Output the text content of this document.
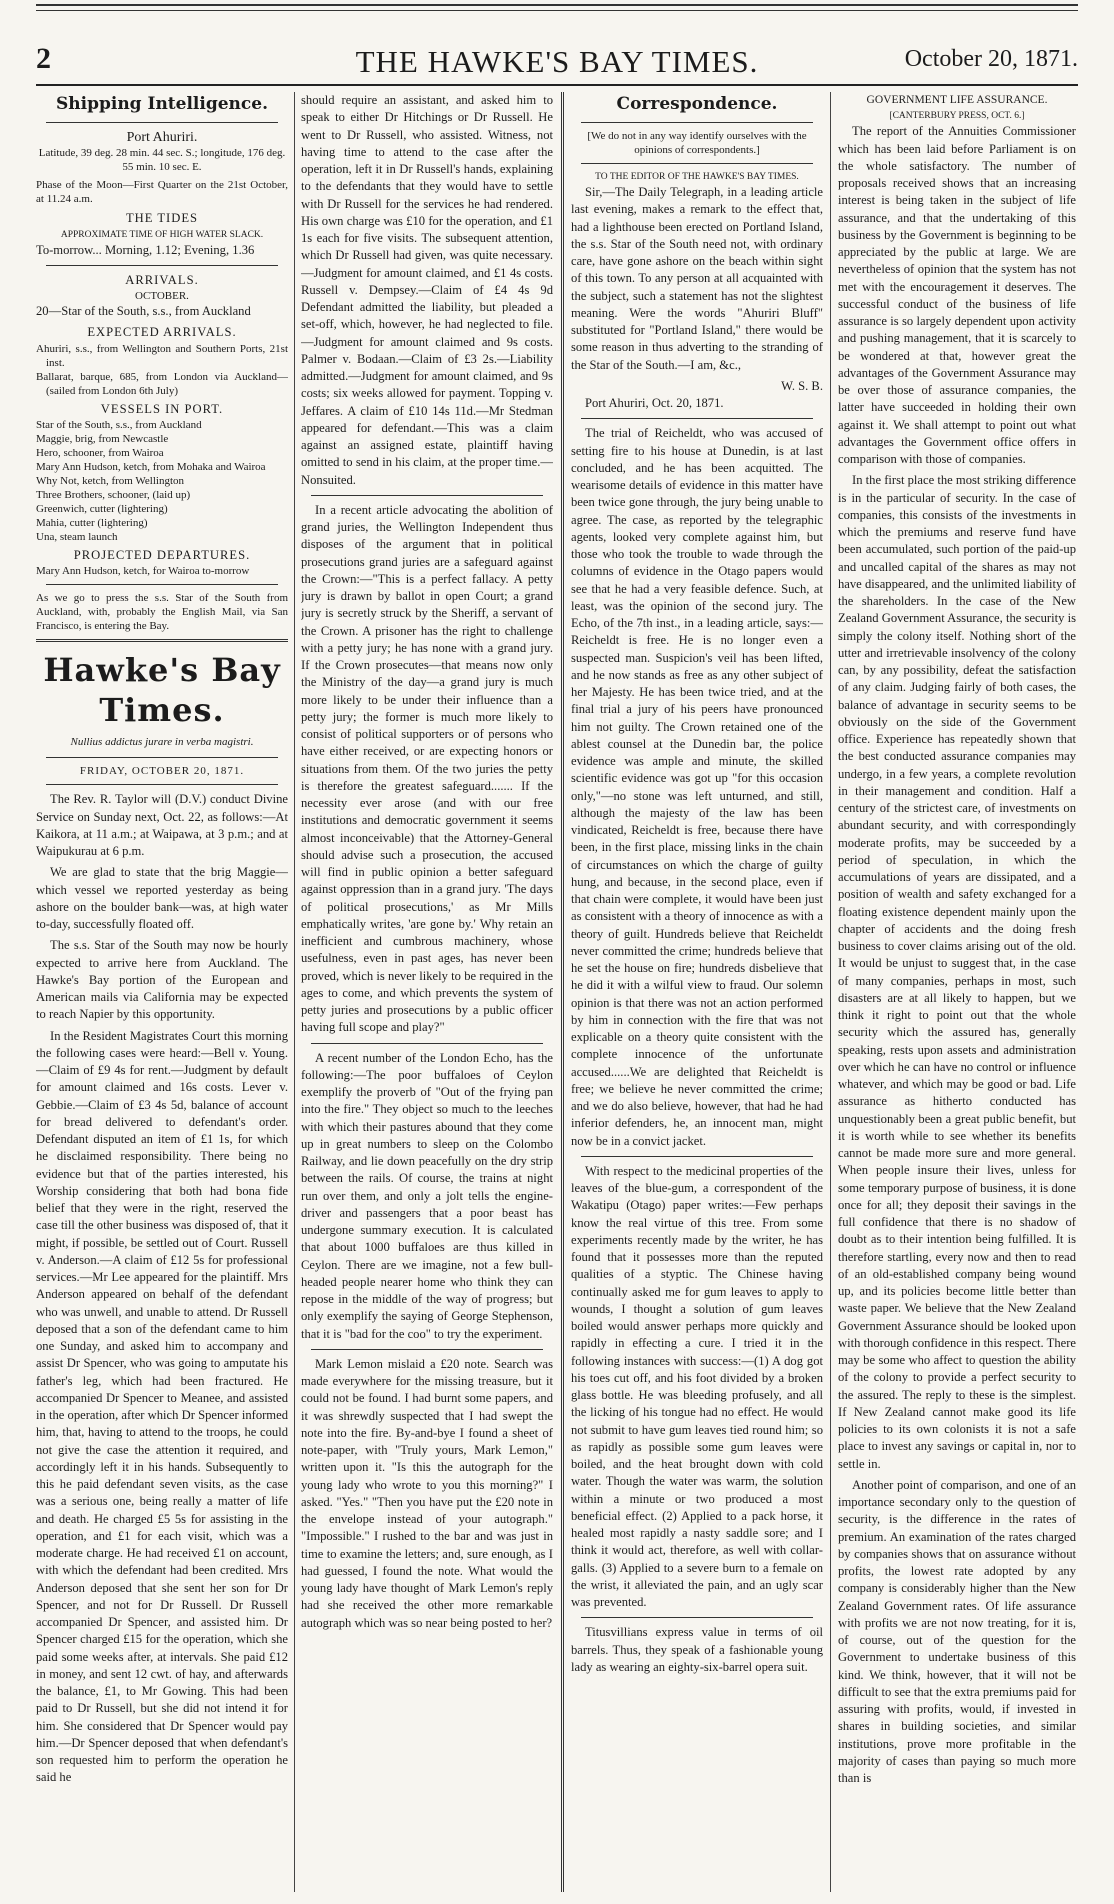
2	THE HAWKE'S BAY TIMES.	October 20, 1871.
Shipping Intelligence.
Port Ahuriri.

Latitude, 39 deg. 28 min. 44 sec. S.; longitude, 176 deg. 55 min. 10 sec. E.

Phase of the Moon—First Quarter on the 21st October, at 11.24 a.m.

THE TIDES
APPROXIMATE TIME OF HIGH WATER SLACK.

To-morrow... Morning, 1.12; Evening, 1.36

ARRIVALS.
OCTOBER.

20—Star of the South, s.s., from Auckland

EXPECTED ARRIVALS.
Ahuriri, s.s., from Wellington and Southern Ports, 21st inst.
Ballarat, barque, 685, from London via Auckland—(sailed from London 6th July)
VESSELS IN PORT.
Star of the South, s.s., from Auckland
Maggie, brig, from Newcastle
Hero, schooner, from Wairoa
Mary Ann Hudson, ketch, from Mohaka and Wairoa
Why Not, ketch, from Wellington
Three Brothers, schooner, (laid up)
Greenwich, cutter (lightering)
Mahia, cutter (lightering)
Una, steam launch
PROJECTED DEPARTURES.

Mary Ann Hudson, ketch, for Wairoa to-morrow

As we go to press the s.s. Star of the South from Auckland, with, probably the English Mail, via San Francisco, is entering the Bay.

Hawke's Bay Times.
Nullius addictus jurare in verba magistri.
FRIDAY, OCTOBER 20, 1871.

The Rev. R. Taylor will (D.V.) conduct Divine Service on Sunday next, Oct. 22, as follows:—At Kaikora, at 11 a.m.; at Waipawa, at 3 p.m.; and at Waipukurau at 6 p.m.

We are glad to state that the brig Maggie—which vessel we reported yesterday as being ashore on the boulder bank—was, at high water to-day, successfully floated off.

The s.s. Star of the South may now be hourly expected to arrive here from Auckland. The Hawke's Bay portion of the European and American mails via California may be expected to reach Napier by this opportunity.

In the Resident Magistrates Court this morning the following cases were heard:—Bell v. Young.—Claim of £9 4s for rent.—Judgment by default for amount claimed and 16s costs. Lever v. Gebbie.—Claim of £3 4s 5d, balance of account for bread delivered to defendant's order. Defendant disputed an item of £1 1s, for which he disclaimed responsibility. There being no evidence but that of the parties interested, his Worship considering that both had bona fide belief that they were in the right, reserved the case till the other business was disposed of, that it might, if possible, be settled out of Court. Russell v. Anderson.—A claim of £12 5s for professional services.—Mr Lee appeared for the plaintiff. Mrs Anderson appeared on behalf of the defendant who was unwell, and unable to attend. Dr Russell deposed that a son of the defendant came to him one Sunday, and asked him to accompany and assist Dr Spencer, who was going to amputate his father's leg, which had been fractured. He accompanied Dr Spencer to Meanee, and assisted in the operation, after which Dr Spencer informed him, that, having to attend to the troops, he could not give the case the attention it required, and accordingly left it in his hands. Subsequently to this he paid defendant seven visits, as the case was a serious one, being really a matter of life and death. He charged £5 5s for assisting in the operation, and £1 for each visit, which was a moderate charge. He had received £1 on account, with which the defendant had been credited. Mrs Anderson deposed that she sent her son for Dr Spencer, and not for Dr Russell. Dr Russell accompanied Dr Spencer, and assisted him. Dr Spencer charged £15 for the operation, which she paid some weeks after, at intervals. She paid £12 in money, and sent 12 cwt. of hay, and afterwards the balance, £1, to Mr Gowing. This had been paid to Dr Russell, but she did not intend it for him. She considered that Dr Spencer would pay him.—Dr Spencer deposed that when defendant's son requested him to perform the operation he said he

should require an assistant, and asked him to speak to either Dr Hitchings or Dr Russell. He went to Dr Russell, who assisted. Witness, not having time to attend to the case after the operation, left it in Dr Russell's hands, explaining to the defendants that they would have to settle with Dr Russell for the services he had rendered. His own charge was £10 for the operation, and £1 1s each for five visits. The subsequent attention, which Dr Russell had given, was quite necessary.—Judgment for amount claimed, and £1 4s costs. Russell v. Dempsey.—Claim of £4 4s 9d Defendant admitted the liability, but pleaded a set-off, which, however, he had neglected to file.—Judgment for amount claimed and 9s costs. Palmer v. Bodaan.—Claim of £3 2s.—Liability admitted.—Judgment for amount claimed, and 9s costs; six weeks allowed for payment. Topping v. Jeffares. A claim of £10 14s 11d.—Mr Stedman appeared for defendant.—This was a claim against an assigned estate, plaintiff having omitted to send in his claim, at the proper time.—Nonsuited.

In a recent article advocating the abolition of grand juries, the Wellington Independent thus disposes of the argument that in political prosecutions grand juries are a safeguard against the Crown:—"This is a perfect fallacy. A petty jury is drawn by ballot in open Court; a grand jury is secretly struck by the Sheriff, a servant of the Crown. A prisoner has the right to challenge with a petty jury; he has none with a grand jury. If the Crown prosecutes—that means now only the Ministry of the day—a grand jury is much more likely to be under their influence than a petty jury; the former is much more likely to consist of political supporters or of persons who have either received, or are expecting honors or situations from them. Of the two juries the petty is therefore the greatest safeguard....... If the necessity ever arose (and with our free institutions and democratic government it seems almost inconceivable) that the Attorney-General should advise such a prosecution, the accused will find in public opinion a better safeguard against oppression than in a grand jury. 'The days of political prosecutions,' as Mr Mills emphatically writes, 'are gone by.' Why retain an inefficient and cumbrous machinery, whose usefulness, even in past ages, has never been proved, which is never likely to be required in the ages to come, and which prevents the system of petty juries and prosecutions by a public officer having full scope and play?"

A recent number of the London Echo, has the following:—The poor buffaloes of Ceylon exemplify the proverb of "Out of the frying pan into the fire." They object so much to the leeches with which their pastures abound that they come up in great numbers to sleep on the Colombo Railway, and lie down peacefully on the dry strip between the rails. Of course, the trains at night run over them, and only a jolt tells the engine-driver and passengers that a poor beast has undergone summary execution. It is calculated that about 1000 buffaloes are thus killed in Ceylon. There are we imagine, not a few bull-headed people nearer home who think they can repose in the middle of the way of progress; but only exemplify the saying of George Stephenson, that it is "bad for the coo" to try the experiment.

Mark Lemon mislaid a £20 note. Search was made everywhere for the missing treasure, but it could not be found. I had burnt some papers, and it was shrewdly suspected that I had swept the note into the fire. By-and-bye I found a sheet of note-paper, with "Truly yours, Mark Lemon," written upon it. "Is this the autograph for the young lady who wrote to you this morning?" I asked. "Yes." "Then you have put the £20 note in the envelope instead of your autograph." "Impossible." I rushed to the bar and was just in time to examine the letters; and, sure enough, as I had guessed, I found the note. What would the young lady have thought of Mark Lemon's reply had she received the other more remarkable autograph which was so near being posted to her?

Correspondence.

[We do not in any way identify ourselves with the opinions of correspondents.]

TO THE EDITOR OF THE HAWKE'S BAY TIMES.

Sir,—The Daily Telegraph, in a leading article last evening, makes a remark to the effect that, had a lighthouse been erected on Portland Island, the s.s. Star of the South need not, with ordinary care, have gone ashore on the beach within sight of this town. To any person at all acquainted with the subject, such a statement has not the slightest meaning. Were the words "Ahuriri Bluff" substituted for "Portland Island," there would be some reason in thus adverting to the stranding of the Star of the South.—I am, &c.,

W. S. B.

Port Ahuriri, Oct. 20, 1871.

The trial of Reicheldt, who was accused of setting fire to his house at Dunedin, is at last concluded, and he has been acquitted. The wearisome details of evidence in this matter have been twice gone through, the jury being unable to agree. The case, as reported by the telegraphic agents, looked very complete against him, but those who took the trouble to wade through the columns of evidence in the Otago papers would see that he had a very feasible defence. Such, at least, was the opinion of the second jury. The Echo, of the 7th inst., in a leading article, says:—Reicheldt is free. He is no longer even a suspected man. Suspicion's veil has been lifted, and he now stands as free as any other subject of her Majesty. He has been twice tried, and at the final trial a jury of his peers have pronounced him not guilty. The Crown retained one of the ablest counsel at the Dunedin bar, the police evidence was ample and minute, the skilled scientific evidence was got up "for this occasion only,"—no stone was left unturned, and still, although the majesty of the law has been vindicated, Reicheldt is free, because there have been, in the first place, missing links in the chain of circumstances on which the charge of guilty hung, and because, in the second place, even if that chain were complete, it would have been just as consistent with a theory of innocence as with a theory of guilt. Hundreds believe that Reicheldt never committed the crime; hundreds believe that he set the house on fire; hundreds disbelieve that he did it with a wilful view to fraud. Our solemn opinion is that there was not an action performed by him in connection with the fire that was not explicable on a theory quite consistent with the complete innocence of the unfortunate accused......We are delighted that Reicheldt is free; we believe he never committed the crime; and we do also believe, however, that had he had inferior defenders, he, an innocent man, might now be in a convict jacket.

With respect to the medicinal properties of the leaves of the blue-gum, a correspondent of the Wakatipu (Otago) paper writes:—Few perhaps know the real virtue of this tree. From some experiments recently made by the writer, he has found that it possesses more than the reputed qualities of a styptic. The Chinese having continually asked me for gum leaves to apply to wounds, I thought a solution of gum leaves boiled would answer perhaps more quickly and rapidly in effecting a cure. I tried it in the following instances with success:—(1) A dog got his toes cut off, and his foot divided by a broken glass bottle. He was bleeding profusely, and all the licking of his tongue had no effect. He would not submit to have gum leaves tied round him; so as rapidly as possible some gum leaves were boiled, and the heat brought down with cold water. Though the water was warm, the solution within a minute or two produced a most beneficial effect. (2) Applied to a pack horse, it healed most rapidly a nasty saddle sore; and I think it would act, therefore, as well with collar-galls. (3) Applied to a severe burn to a female on the wrist, it alleviated the pain, and an ugly scar was prevented.

Titusvillians express value in terms of oil barrels. Thus, they speak of a fashionable young lady as wearing an eighty-six-barrel opera suit.

GOVERNMENT LIFE ASSURANCE.
[CANTERBURY PRESS, OCT. 6.]

The report of the Annuities Commissioner which has been laid before Parliament is on the whole satisfactory. The number of proposals received shows that an increasing interest is being taken in the subject of life assurance, and that the undertaking of this business by the Government is beginning to be appreciated by the public at large. We are nevertheless of opinion that the system has not met with the encouragement it deserves. The successful conduct of the business of life assurance is so largely dependent upon activity and pushing management, that it is scarcely to be wondered at that, however great the advantages of the Government Assurance may be over those of assurance companies, the latter have succeeded in holding their own against it. We shall attempt to point out what advantages the Government office offers in comparison with those of companies.

In the first place the most striking difference is in the particular of security. In the case of companies, this consists of the investments in which the premiums and reserve fund have been accumulated, such portion of the paid-up and uncalled capital of the shares as may not have disappeared, and the unlimited liability of the shareholders. In the case of the New Zealand Government Assurance, the security is simply the colony itself. Nothing short of the utter and irretrievable insolvency of the colony can, by any possibility, defeat the satisfaction of any claim. Judging fairly of both cases, the balance of advantage in security seems to be obviously on the side of the Government office. Experience has repeatedly shown that the best conducted assurance companies may undergo, in a few years, a complete revolution in their management and condition. Half a century of the strictest care, of investments on abundant security, and with correspondingly moderate profits, may be succeeded by a period of speculation, in which the accumulations of years are dissipated, and a position of wealth and safety exchanged for a floating existence dependent mainly upon the chapter of accidents and the doing fresh business to cover claims arising out of the old. It would be unjust to suggest that, in the case of many companies, perhaps in most, such disasters are at all likely to happen, but we think it right to point out that the whole security which the assured has, generally speaking, rests upon assets and administration over which he can have no control or influence whatever, and which may be good or bad. Life assurance as hitherto conducted has unquestionably been a great public benefit, but it is worth while to see whether its benefits cannot be made more sure and more general. When people insure their lives, unless for some temporary purpose of business, it is done once for all; they deposit their savings in the full confidence that there is no shadow of doubt as to their intention being fulfilled. It is therefore startling, every now and then to read of an old-established company being wound up, and its policies become little better than waste paper. We believe that the New Zealand Government Assurance should be looked upon with thorough confidence in this respect. There may be some who affect to question the ability of the colony to provide a perfect security to the assured. The reply to these is the simplest. If New Zealand cannot make good its life policies to its own colonists it is not a safe place to invest any savings or capital in, nor to settle in.

Another point of comparison, and one of an importance secondary only to the question of security, is the difference in the rates of premium. An examination of the rates charged by companies shows that on assurance without profits, the lowest rate adopted by any company is considerably higher than the New Zealand Government rates. Of life assurance with profits we are not now treating, for it is, of course, out of the question for the Government to undertake business of this kind. We think, however, that it will not be difficult to see that the extra premiums paid for assuring with profits, would, if invested in shares in building societies, and similar institutions, prove more profitable in the majority of cases than paying so much more than is
